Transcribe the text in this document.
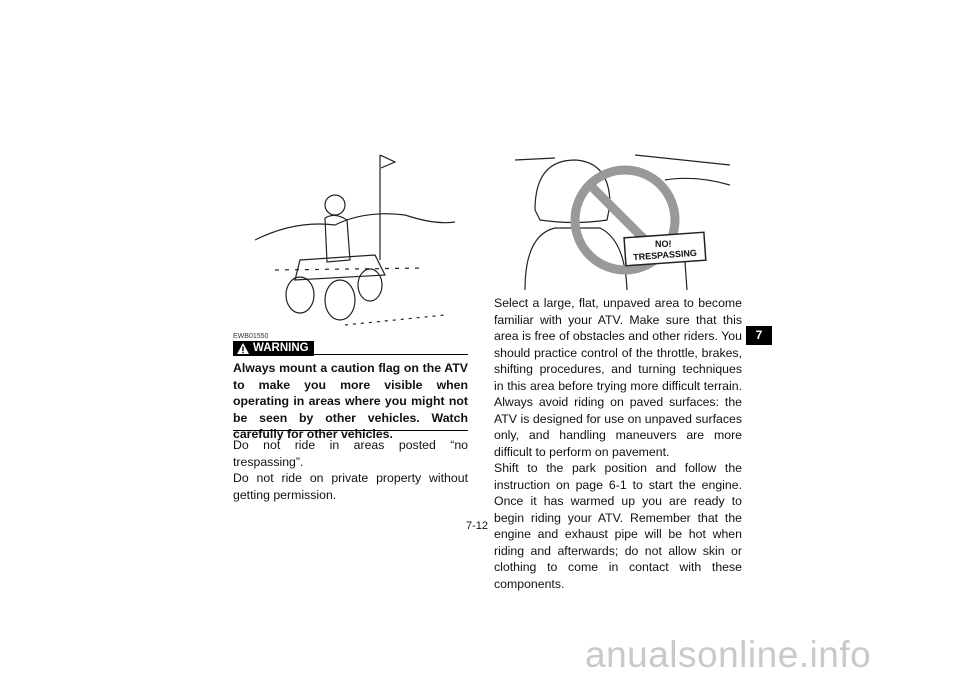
NO!
TRESPASSING
EWB01550
WARNING
Always mount a caution flag on the ATV to make you more visible when operating in areas where you might not be seen by other vehicles. Watch carefully for other vehicles.

Do not ride in areas posted “no trespassing”.

Do not ride on private property without getting permission.

Select a large, flat, unpaved area to become familiar with your ATV. Make sure that this area is free of obstacles and other riders. You should practice control of the throttle, brakes, shifting procedures, and turning techniques in this area before trying more difficult terrain. Always avoid riding on paved surfaces: the ATV is designed for use on unpaved surfaces only, and handling maneuvers are more difficult to perform on pavement.

Shift to the park position and follow the instruction on page 6-1 to start the engine. Once it has warmed up you are ready to begin riding your ATV. Remember that the engine and exhaust pipe will be hot when riding and afterwards; do not allow skin or clothing to come in contact with these components.

7
7-12
anualsonline.info
